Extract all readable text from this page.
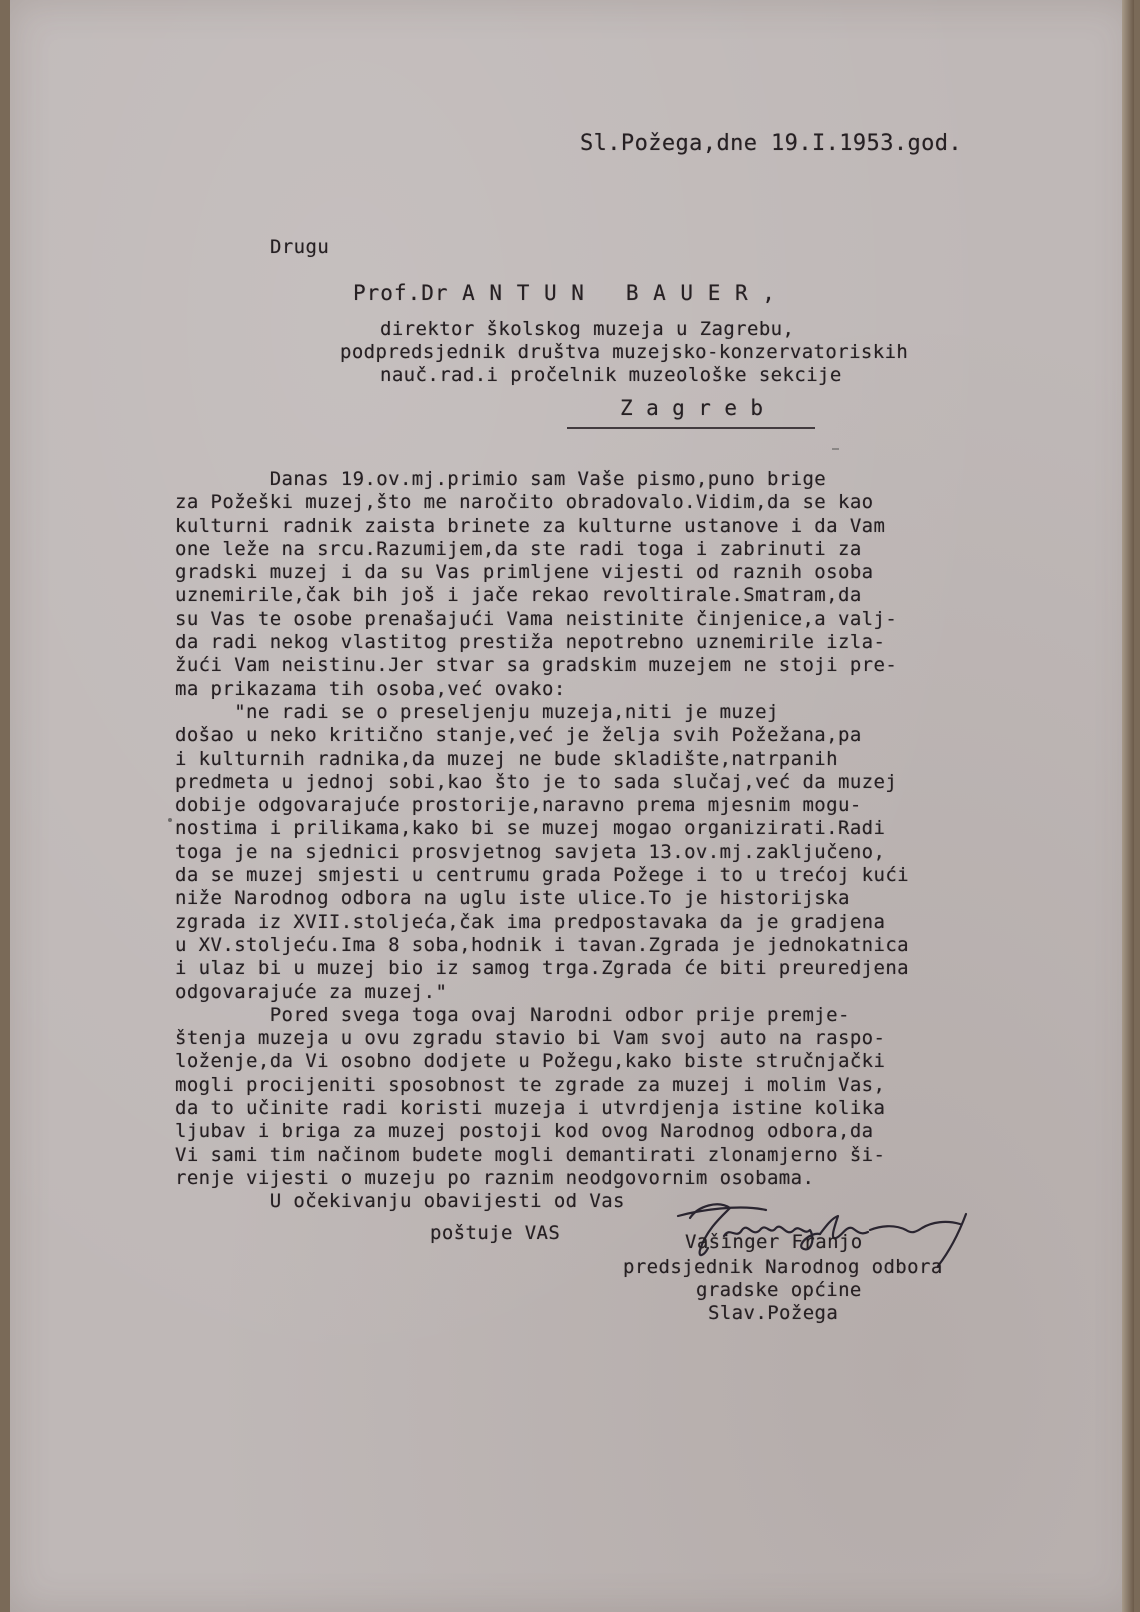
Sl.Požega,dne 19.I.1953.god.
Drugu
Prof.Dr A N T U N   B A U E R ,
direktor školskog muzeja u Zagrebu,
podpredsjednik društva muzejsko-konzervatoriskih
nauč.rad.i pročelnik muzeološke sekcije
Z a g r e b
Danas 19.ov.mj.primio sam Vaše pismo,puno brige
za Požeški muzej,što me naročito obradovalo.Vidim,da se kao
kulturni radnik zaista brinete za kulturne ustanove i da Vam
one leže na srcu.Razumijem,da ste radi toga i zabrinuti za
gradski muzej i da su Vas primljene vijesti od raznih osoba
uznemirile,čak bih još i jače rekao revoltirale.Smatram,da
su Vas te osobe prenašajući Vama neistinite činjenice,a valj-
da radi nekog vlastitog prestiža nepotrebno uznemirile izla-
žući Vam neistinu.Jer stvar sa gradskim muzejem ne stoji pre-
ma prikazama tih osoba,već ovako:
"ne radi se o preseljenju muzeja,niti je muzej
došao u neko kritično stanje,već je želja svih Požežana,pa
i kulturnih radnika,da muzej ne bude skladište,natrpanih
predmeta u jednoj sobi,kao što je to sada slučaj,već da muzej
dobije odgovarajuće prostorije,naravno prema mjesnim mogu-
nostima i prilikama,kako bi se muzej mogao organizirati.Radi
toga je na sjednici prosvjetnog savjeta 13.ov.mj.zaključeno,
da se muzej smjesti u centrumu grada Požege i to u trećoj kući
niže Narodnog odbora na uglu iste ulice.To je historijska
zgrada iz XVII.stoljeća,čak ima predpostavaka da je gradjena
u XV.stoljeću.Ima 8 soba,hodnik i tavan.Zgrada je jednokatnica
i ulaz bi u muzej bio iz samog trga.Zgrada će biti preuredjena
odgovarajuće za muzej."
Pored svega toga ovaj Narodni odbor prije premje-
štenja muzeja u ovu zgradu stavio bi Vam svoj auto na raspo-
loženje,da Vi osobno dodjete u Požegu,kako biste stručnjački
mogli procijeniti sposobnost te zgrade za muzej i molim Vas,
da to učinite radi koristi muzeja i utvrdjenja istine kolika
ljubav i briga za muzej postoji kod ovog Narodnog odbora,da
Vi sami tim načinom budete mogli demantirati zlonamjerno ši-
renje vijesti o muzeju po raznim neodgovornim osobama.
U očekivanju obavijesti od Vas
poštuje VAS	Vašinger Franjo
predsjednik Narodnog odbora
gradske općine
Slav.Požega
